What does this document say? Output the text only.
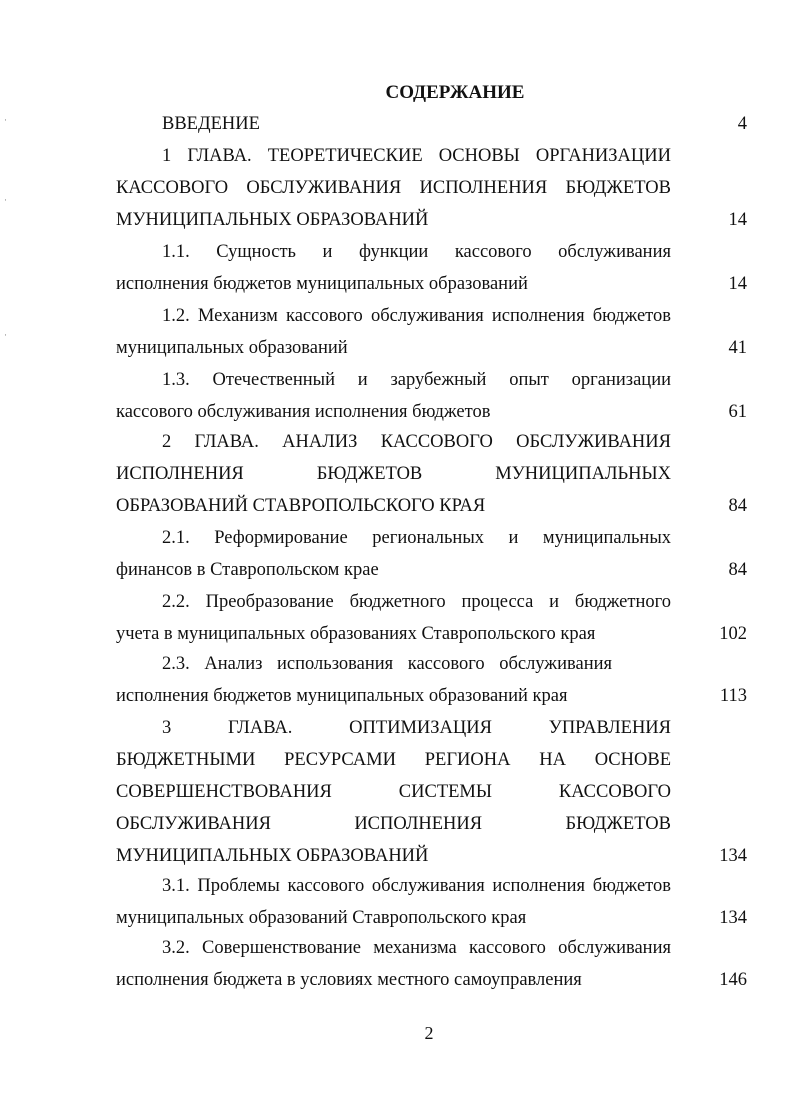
СОДЕРЖАНИЕ
ВВЕДЕНИЕ	4
1 ГЛАВА. ТЕОРЕТИЧЕСКИЕ ОСНОВЫ ОРГАНИЗАЦИИ
КАССОВОГО ОБСЛУЖИВАНИЯ ИСПОЛНЕНИЯ БЮДЖЕТОВ
МУНИЦИПАЛЬНЫХ ОБРАЗОВАНИЙ	14
1.1. Сущность и функции кассового обслуживания
исполнения бюджетов муниципальных образований	14
1.2. Механизм кассового обслуживания исполнения бюджетов
муниципальных образований	41
1.3. Отечественный и зарубежный опыт организации
кассового обслуживания исполнения бюджетов	61
2 ГЛАВА. АНАЛИЗ КАССОВОГО ОБСЛУЖИВАНИЯ
ИСПОЛНЕНИЯ БЮДЖЕТОВ МУНИЦИПАЛЬНЫХ
ОБРАЗОВАНИЙ СТАВРОПОЛЬСКОГО КРАЯ	84
2.1. Реформирование региональных и муниципальных
финансов в Ставропольском крае	84
2.2. Преобразование бюджетного процесса и бюджетного
учета в муниципальных образованиях Ставропольского края	102
2.3. Анализ использования кассового обслуживания
исполнения бюджетов муниципальных образований края	113
3 ГЛАВА. ОПТИМИЗАЦИЯ УПРАВЛЕНИЯ
БЮДЖЕТНЫМИ РЕСУРСАМИ РЕГИОНА НА ОСНОВЕ
СОВЕРШЕНСТВОВАНИЯ СИСТЕМЫ КАССОВОГО
ОБСЛУЖИВАНИЯ ИСПОЛНЕНИЯ БЮДЖЕТОВ
МУНИЦИПАЛЬНЫХ ОБРАЗОВАНИЙ	134
3.1. Проблемы кассового обслуживания исполнения бюджетов
муниципальных образований Ставропольского края	134
3.2. Совершенствование механизма кассового обслуживания
исполнения бюджета в условиях местного самоуправления	146
2
·
·
·
